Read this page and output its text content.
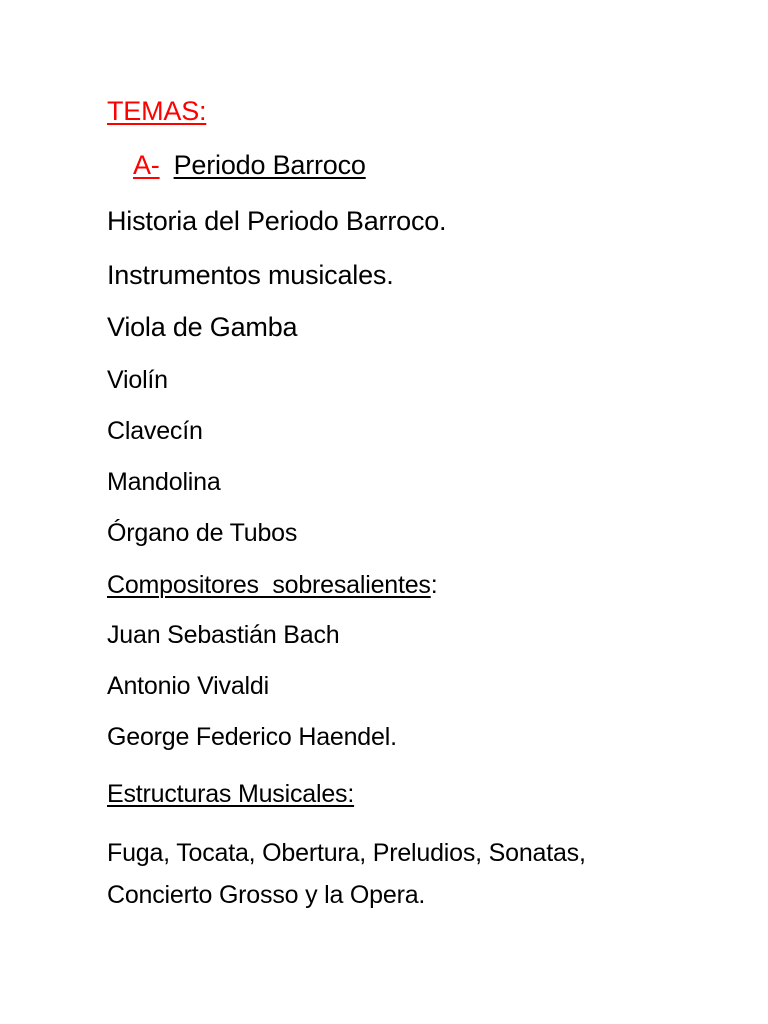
TEMAS:
A- Periodo Barroco
Historia del Periodo Barroco.
Instrumentos musicales.
Viola de Gamba
Violín
Clavecín
Mandolina
Órgano de Tubos
Compositores  sobresalientes:
Juan Sebastián Bach
Antonio Vivaldi
George Federico Haendel.
Estructuras Musicales:
Fuga, Tocata, Obertura, Preludios, Sonatas,
Concierto Grosso y la Opera.
